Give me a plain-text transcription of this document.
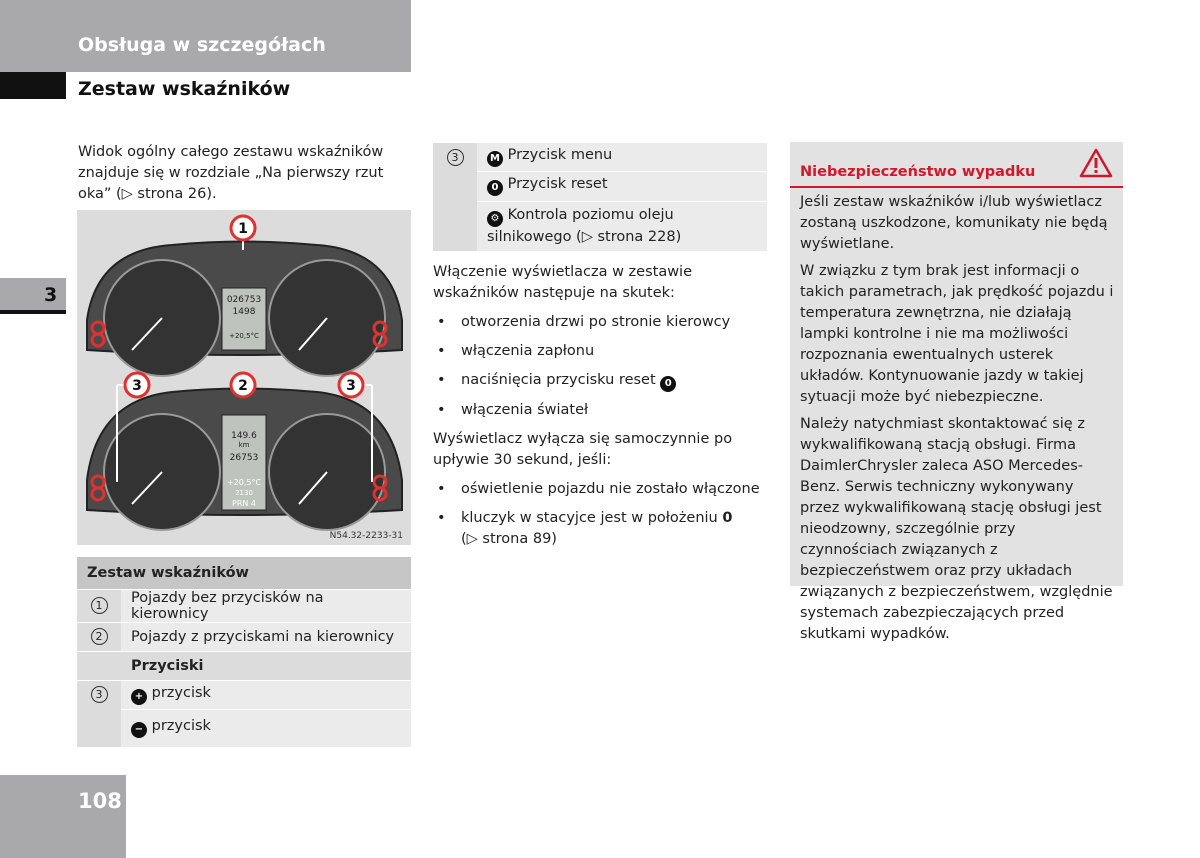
Obsługa w szczegółach
Zestaw wskaźników
3
Widok ogólny całego zestawu wskaźników znajduje się w rozdziale „Na pierwszy rzut oka” (▷ strona 26).
1
3	2	3
026753
1498
+20,5°C
149.6
km
26753
+20,5°C
2130
PRN 4
N54.32-2233-31
Zestaw wskaźników	
1	Pojazdy bez przycisków na kierownicy
2	Pojazdy z przyciskami na kierownicy
	Przyciski
3	+ przycisk
	− przycisk
3	M Przycisk menu
0 Przycisk reset
⚙ Kontrola poziomu oleju silnikowego (▷ strona 228)

Włączenie wyświetlacza w zestawie wskaźników następuje na skutek:

• otworzenia drzwi po stronie kierowcy
• włączenia zapłonu
• naciśnięcia przycisku reset 0
• włączenia świateł

Wyświetlacz wyłącza się samoczynnie po upływie 30 sekund, jeśli:

• oświetlenie pojazdu nie zostało włączone
• kluczyk w stacyjce jest w położeniu 0
(▷ strona 89)
Niebezpieczeństwo wypadku

Jeśli zestaw wskaźników i/lub wyświetlacz zostaną uszkodzone, komunikaty nie będą wyświetlane.

W związku z tym brak jest informacji o takich parametrach, jak prędkość pojazdu i temperatura zewnętrzna, nie działają lampki kontrolne i nie ma możliwości rozpoznania ewentualnych usterek układów. Kontynuowanie jazdy w takiej sytuacji może być niebezpieczne.

Należy natychmiast skontaktować się z wykwalifikowaną stacją obsługi. Firma DaimlerChrysler zaleca ASO Mercedes-Benz. Serwis techniczny wykonywany przez wykwalifikowaną stację obsługi jest nieodzowny, szczególnie przy czynnościach związanych z bezpieczeństwem oraz przy układach związanych z bezpieczeństwem, względnie systemach zabezpieczających przed skutkami wypadków.

108
